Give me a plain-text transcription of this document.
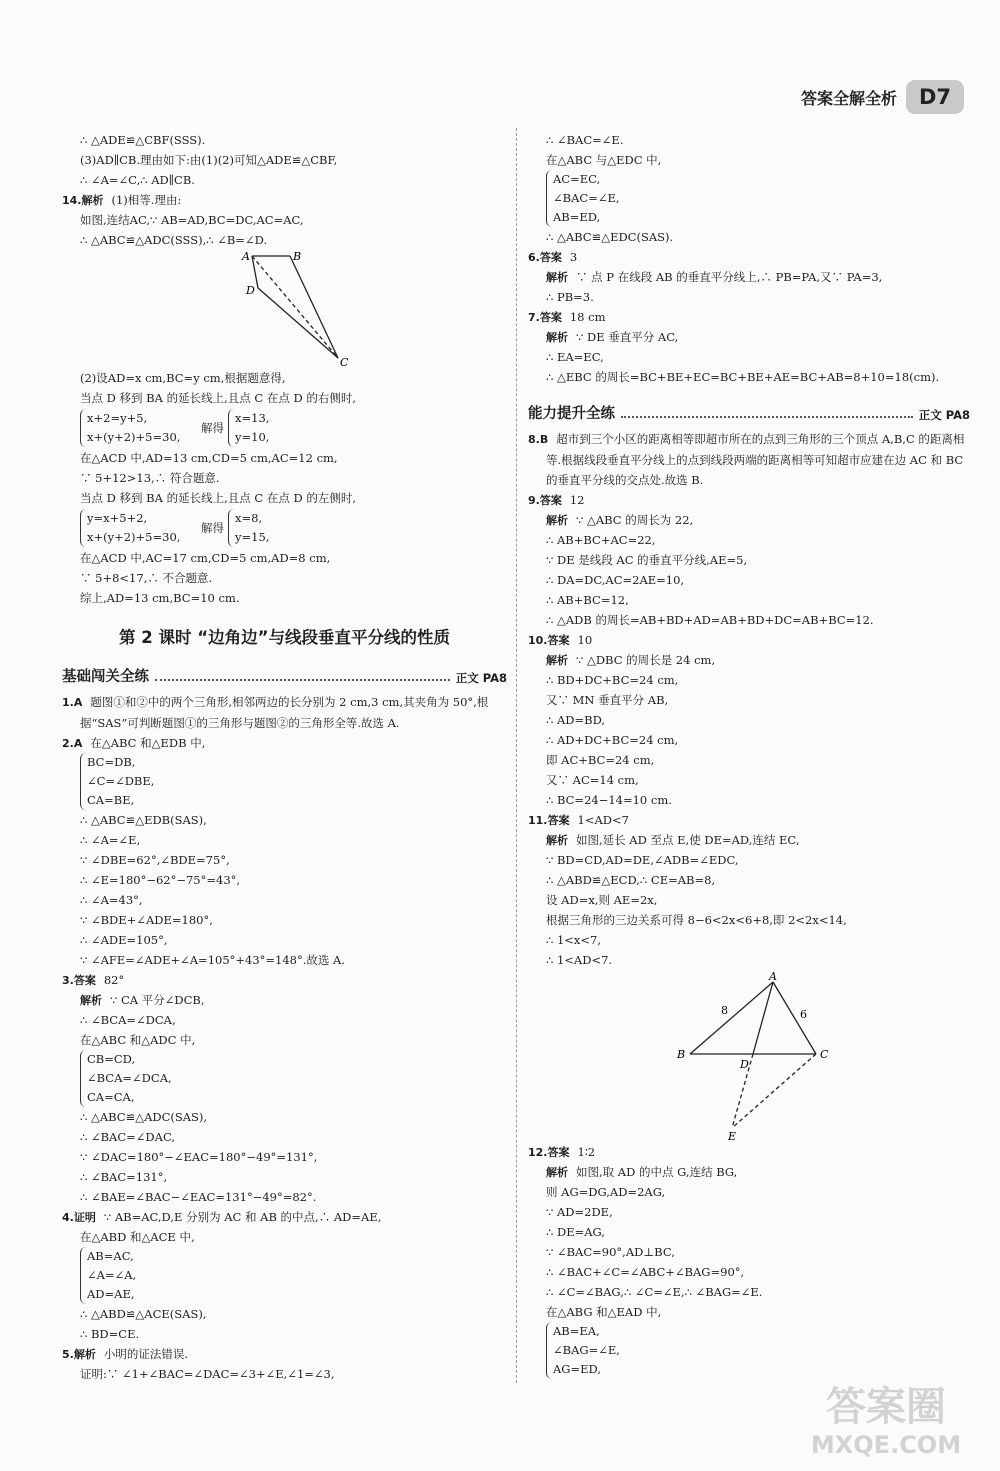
答案全解全析	D7
∴ △ADE≌△CBF(SSS).
(3)AD∥CB.理由如下:由(1)(2)可知△ADE≌△CBF,
∴ ∠A=∠C,∴ AD∥CB.
14.解析 (1)相等.理由:
如图,连结AC,∵ AB=AD,BC=DC,AC=AC,
∴ △ABC≌△ADC(SSS),∴ ∠B=∠D.
A	B
D
C
(2)设AD=x cm,BC=y cm,根据题意得,
当点 D 移到 BA 的延长线上,且点 C 在点 D 的右侧时,
x+2=y+5,
x+(y+2)+5=30,
解得
x=13,
y=10,
在△ACD 中,AD=13 cm,CD=5 cm,AC=12 cm,
∵ 5+12>13,∴ 符合题意.
当点 D 移到 BA 的延长线上,且点 C 在点 D 的左侧时,
y=x+5+2,
x+(y+2)+5=30,
解得
x=8,
y=15,
在△ACD 中,AC=17 cm,CD=5 cm,AD=8 cm,
∵ 5+8<17,∴ 不合题意.
综上,AD=13 cm,BC=10 cm.
第 2 课时 “边角边”与线段垂直平分线的性质
基础闯关全练	正文 PA8
1.A 题图①和②中的两个三角形,相邻两边的长分别为 2 cm,3 cm,其夹角为 50°,根据“SAS”可判断题图①的三角形与题图②的三角形全等.故选 A.
2.A 在△ABC 和△EDB 中,
BC=DB,
∠C=∠DBE,
CA=BE,
∴ △ABC≌△EDB(SAS),
∴ ∠A=∠E,
∵ ∠DBE=62°,∠BDE=75°,
∴ ∠E=180°−62°−75°=43°,
∴ ∠A=43°,
∵ ∠BDE+∠ADE=180°,
∴ ∠ADE=105°,
∵ ∠AFE=∠ADE+∠A=105°+43°=148°.故选 A.
3.答案 82°
解析 ∵ CA 平分∠DCB,
∴ ∠BCA=∠DCA,
在△ABC 和△ADC 中,
CB=CD,
∠BCA=∠DCA,
CA=CA,
∴ △ABC≌△ADC(SAS),
∴ ∠BAC=∠DAC,
∵ ∠DAC=180°−∠EAC=180°−49°=131°,
∴ ∠BAC=131°,
∴ ∠BAE=∠BAC−∠EAC=131°−49°=82°.
4.证明 ∵ AB=AC,D,E 分别为 AC 和 AB 的中点,∴ AD=AE,
在△ABD 和△ACE 中,
AB=AC,
∠A=∠A,
AD=AE,
∴ △ABD≌△ACE(SAS),
∴ BD=CE.
5.解析 小明的证法错误.
证明:∵ ∠1+∠BAC=∠DAC=∠3+∠E,∠1=∠3,
∴ ∠BAC=∠E.
在△ABC 与△EDC 中,
AC=EC,
∠BAC=∠E,
AB=ED,
∴ △ABC≌△EDC(SAS).
6.答案 3
解析 ∵ 点 P 在线段 AB 的垂直平分线上,∴ PB=PA,又∵ PA=3,
∴ PB=3.
7.答案 18 cm
解析 ∵ DE 垂直平分 AC,
∴ EA=EC,
∴ △EBC 的周长=BC+BE+EC=BC+BE+AE=BC+AB=8+10=18(cm).
能力提升全练	正文 PA8
8.B 超市到三个小区的距离相等即超市所在的点到三角形的三个顶点 A,B,C 的距离相等.根据线段垂直平分线上的点到线段两端的距离相等可知超市应建在边 AC 和 BC 的垂直平分线的交点处.故选 B.
9.答案 12
解析 ∵ △ABC 的周长为 22,
∴ AB+BC+AC=22,
∵ DE 是线段 AC 的垂直平分线,AE=5,
∴ DA=DC,AC=2AE=10,
∴ AB+BC=12,
∴ △ADB 的周长=AB+BD+AD=AB+BD+DC=AB+BC=12.
10.答案 10
解析 ∵ △DBC 的周长是 24 cm,
∴ BD+DC+BC=24 cm,
又∵ MN 垂直平分 AB,
∴ AD=BD,
∴ AD+DC+BC=24 cm,
即 AC+BC=24 cm,
又∵ AC=14 cm,
∴ BC=24−14=10 cm.
11.答案 1<AD<7
解析 如图,延长 AD 至点 E,使 DE=AD,连结 EC,
∵ BD=CD,AD=DE,∠ADB=∠EDC,
∴ △ABD≌△ECD,∴ CE=AB=8,
设 AD=x,则 AE=2x,
根据三角形的三边关系可得 8−6<2x<6+8,即 2<2x<14,
∴ 1<x<7,
∴ 1<AD<7.
A
B	C
D
E
8	6
12.答案 1∶2
解析 如图,取 AD 的中点 G,连结 BG,
则 AG=DG,AD=2AG,
∵ AD=2DE,
∴ DE=AG,
∵ ∠BAC=90°,AD⊥BC,
∴ ∠BAC+∠C=∠ABC+∠BAG=90°,
∴ ∠C=∠BAG,∴ ∠C=∠E,∴ ∠BAG=∠E.
在△ABG 和△EAD 中,
AB=EA,
∠BAG=∠E,
AG=ED,
答案圈
MXQE.COM
